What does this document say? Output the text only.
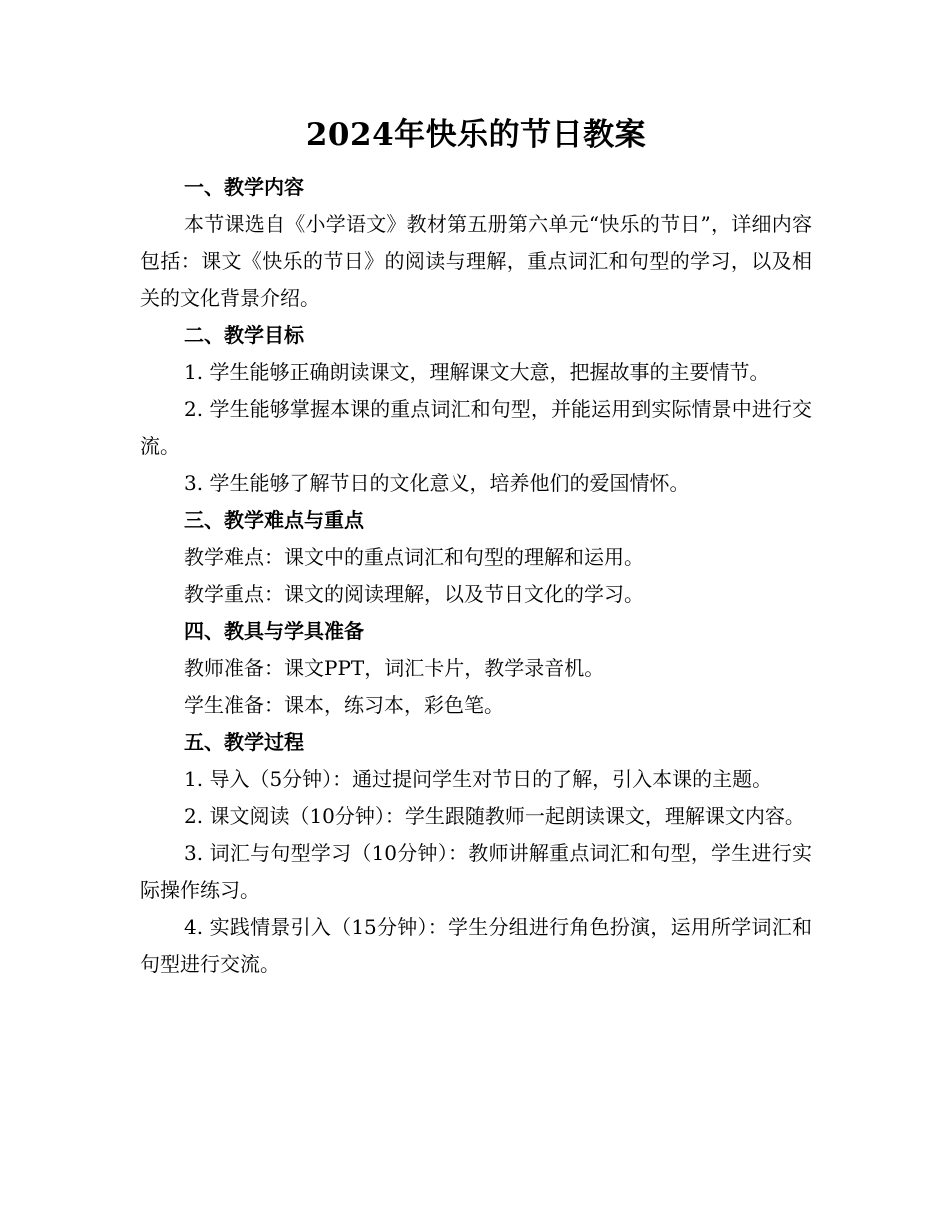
2024年快乐的节日教案

一、教学内容

本节课选自《小学语文》教材第五册第六单元“快乐的节日”，详细内容包括：课文《快乐的节日》的阅读与理解，重点词汇和句型的学习，以及相关的文化背景介绍。

二、教学目标

1. 学生能够正确朗读课文，理解课文大意，把握故事的主要情节。

2. 学生能够掌握本课的重点词汇和句型，并能运用到实际情景中进行交流。

3. 学生能够了解节日的文化意义，培养他们的爱国情怀。

三、教学难点与重点

教学难点：课文中的重点词汇和句型的理解和运用。

教学重点：课文的阅读理解，以及节日文化的学习。

四、教具与学具准备

教师准备：课文PPT，词汇卡片，教学录音机。

学生准备：课本，练习本，彩色笔。

五、教学过程

1. 导入（5分钟）：通过提问学生对节日的了解，引入本课的主题。

2. 课文阅读（10分钟）：学生跟随教师一起朗读课文，理解课文内容。

3. 词汇与句型学习（10分钟）：教师讲解重点词汇和句型，学生进行实际操作练习。

4. 实践情景引入（15分钟）：学生分组进行角色扮演，运用所学词汇和句型进行交流。
